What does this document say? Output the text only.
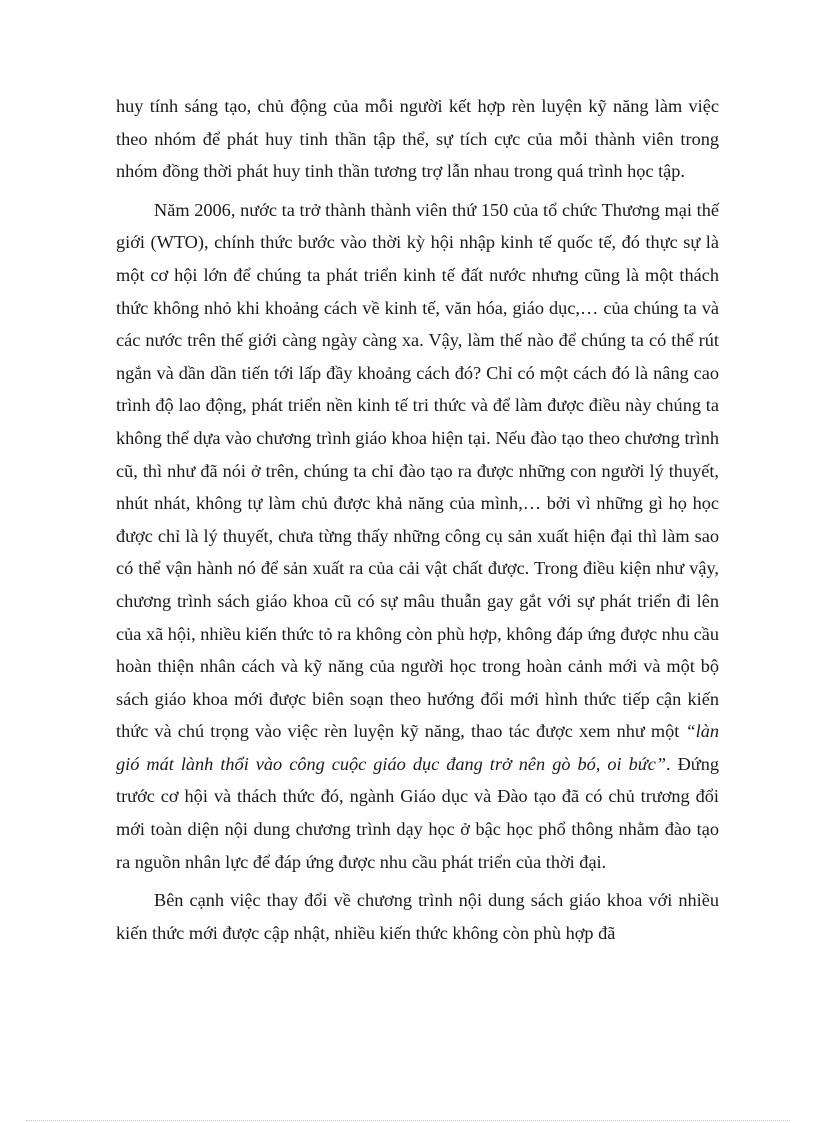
huy tính sáng tạo, chủ động của mỗi người kết hợp rèn luyện kỹ năng làm việc theo nhóm để phát huy tinh thần tập thể, sự tích cực của mỗi thành viên trong nhóm đồng thời phát huy tinh thần tương trợ lẫn nhau trong quá trình học tập.

Năm 2006, nước ta trở thành thành viên thứ 150 của tổ chức Thương mại thế giới (WTO), chính thức bước vào thời kỳ hội nhập kinh tế quốc tế, đó thực sự là một cơ hội lớn để chúng ta phát triển kinh tế đất nước nhưng cũng là một thách thức không nhỏ khi khoảng cách về kinh tế, văn hóa, giáo dục,… của chúng ta và các nước trên thế giới càng ngày càng xa. Vậy, làm thế nào để chúng ta có thể rút ngắn và dần dần tiến tới lấp đầy khoảng cách đó? Chỉ có một cách đó là nâng cao trình độ lao động, phát triển nền kinh tế tri thức và để làm được điều này chúng ta không thể dựa vào chương trình giáo khoa hiện tại. Nếu đào tạo theo chương trình cũ, thì như đã nói ở trên, chúng ta chỉ đào tạo ra được những con người lý thuyết, nhút nhát, không tự làm chủ được khả năng của mình,… bởi vì những gì họ học được chỉ là lý thuyết, chưa từng thấy những công cụ sản xuất hiện đại thì làm sao có thể vận hành nó để sản xuất ra của cải vật chất được. Trong điều kiện như vậy, chương trình sách giáo khoa cũ có sự mâu thuẫn gay gắt với sự phát triển đi lên của xã hội, nhiều kiến thức tỏ ra không còn phù hợp, không đáp ứng được nhu cầu hoàn thiện nhân cách và kỹ năng của người học trong hoàn cảnh mới và một bộ sách giáo khoa mới được biên soạn theo hướng đổi mới hình thức tiếp cận kiến thức và chú trọng vào việc rèn luyện kỹ năng, thao tác được xem như một “làn gió mát lành thổi vào công cuộc giáo dục đang trở nên gò bó, oi bức”. Đứng trước cơ hội và thách thức đó, ngành Giáo dục và Đào tạo đã có chủ trương đổi mới toàn diện nội dung chương trình dạy học ở bậc học phổ thông nhằm đào tạo ra nguồn nhân lực để đáp ứng được nhu cầu phát triển của thời đại.

Bên cạnh việc thay đổi về chương trình nội dung sách giáo khoa với nhiều kiến thức mới được cập nhật, nhiều kiến thức không còn phù hợp đã
